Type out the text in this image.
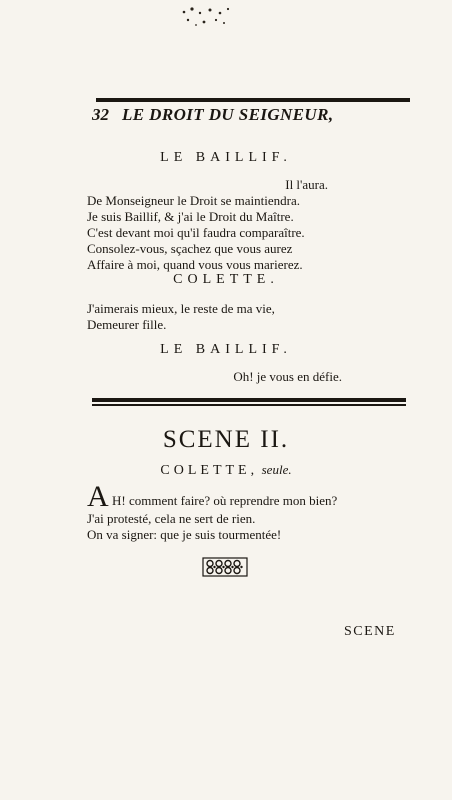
32 LE DROIT DU SEIGNEUR,
LE BAILLIF.
Il l'aura.
De Monseigneur le Droit se maintiendra.
Je suis Baillif, & j'ai le Droit du Maître.
C'est devant moi qu'il faudra comparaître.
Consolez-vous, sçachez que vous aurez
Affaire à moi, quand vous vous marierez.
COLETTE.
J'aimerais mieux, le reste de ma vie,
Demeurer fille.
LE BAILLIF.
Oh! je vous en défie.
SCENE II.
COLETTE, seule.
A H! comment faire? où reprendre mon bien?
J'ai protesté, cela ne sert de rien.
On va signer: que je suis tourmentée!
SCENE
